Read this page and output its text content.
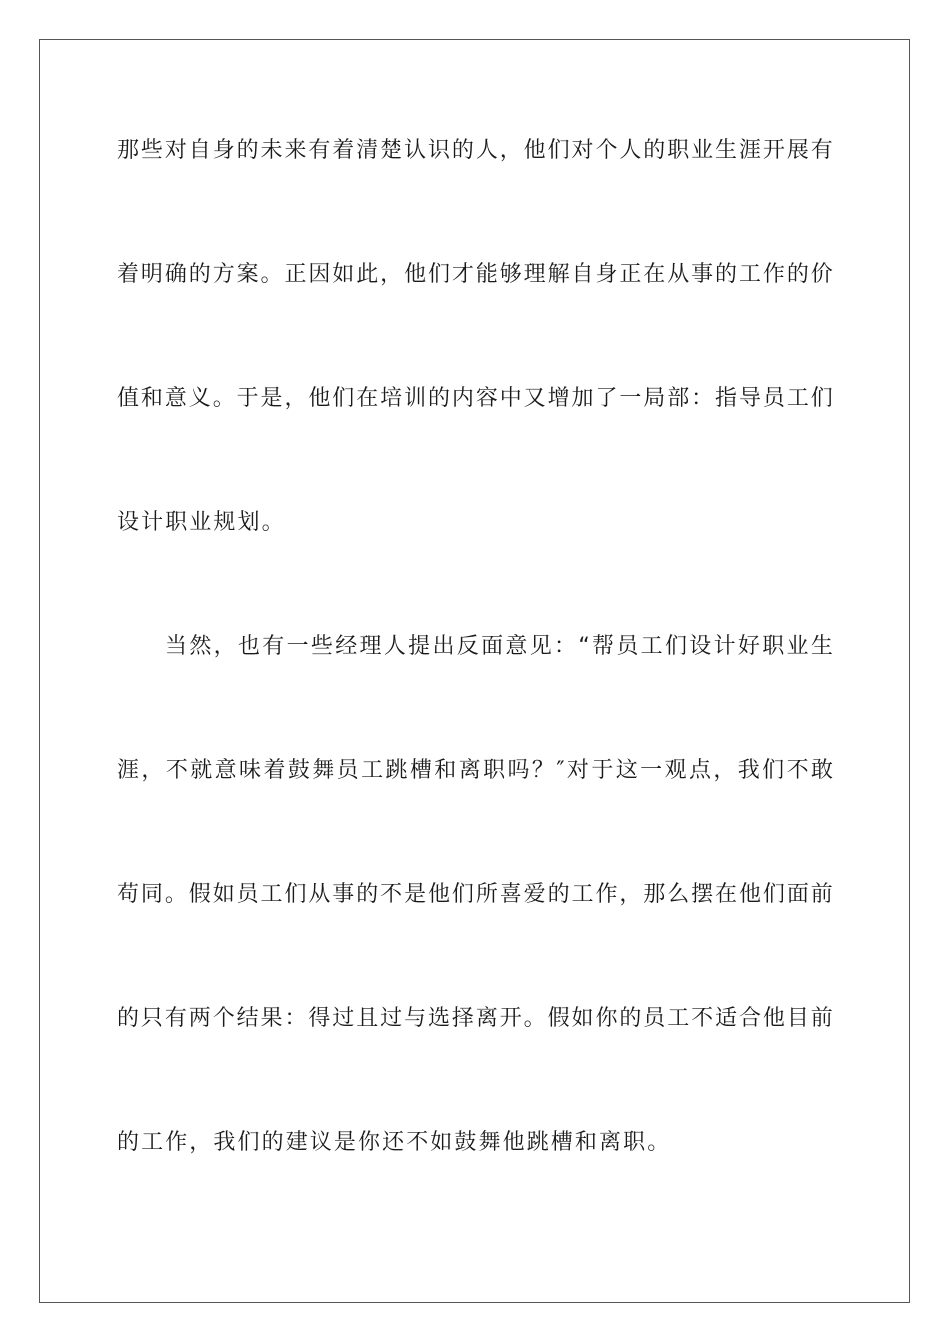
那 些 对 自 身 的 未 来 有 着 清 楚 认 识 的 人 ， 他 们 对 个 人 的 职 业 生 涯 开 展 有
着 明 确 的 方 案 。 正 因 如 此 ， 他 们 才 能 够 理 解 自 身 正 在 从 事 的 工 作 的 价
值 和 意 义 。 于 是 ， 他 们 在 培 训 的 内 容 中 又 增 加 了 一 局 部 ： 指 导 员 工 们
设计职业规划。
当 然 ， 也 有 一 些 经 理 人 提 出 反 面 意 见 ： “ 帮 员 工 们 设 计 好 职 业 生
涯 ， 不 就 意 味 着 鼓 舞 员 工 跳 槽 和 离 职 吗 ？ ″ 对 于 这 一 观 点 ， 我 们 不 敢
苟 同 。 假 如 员 工 们 从 事 的 不 是 他 们 所 喜 爱 的 工 作 ， 那 么 摆 在 他 们 面 前
的 只 有 两 个 结 果 ： 得 过 且 过 与 选 择 离 开 。 假 如 你 的 员 工 不 适 合 他 目 前
的工作，我们的建议是你还不如鼓舞他跳槽和离职。
